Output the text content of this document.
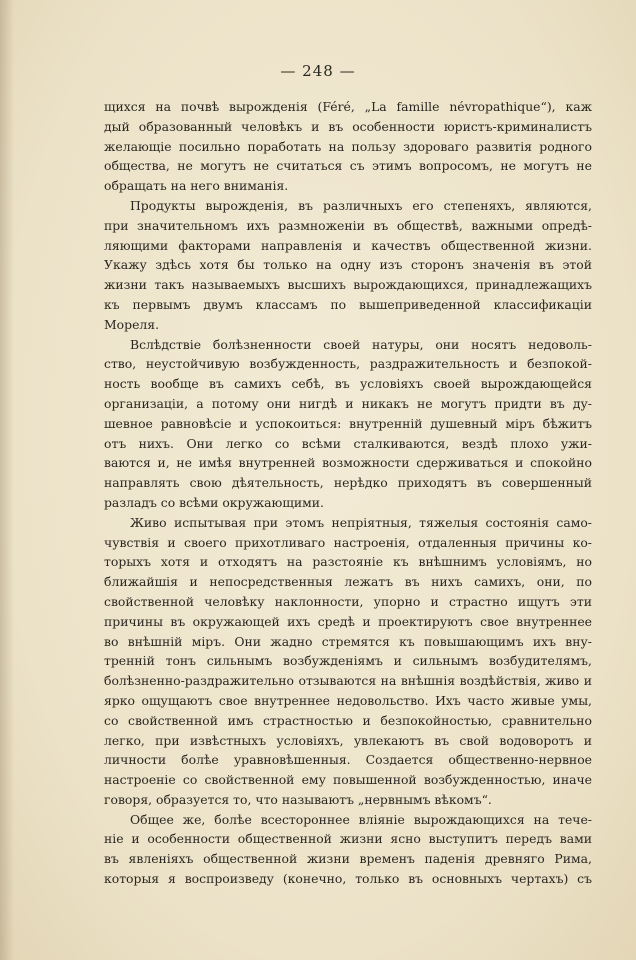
— 248 —
щихся на почвѣ вырожденія (Féré, „La famille névropathique“), каж
дый образованный человѣкъ и въ особенности юристъ-криминалистъ
желающіе посильно поработать на пользу здороваго развитія родного
общества, не могутъ не считаться съ этимъ вопросомъ, не могутъ не
обращать на него вниманія.
Продукты вырожденія, въ различныхъ его степеняхъ, являются,
при значительномъ ихъ размноженіи въ обществѣ, важными опредѣ-
ляющими факторами направленія и качествъ общественной жизни.
Укажу здѣсь хотя бы только на одну изъ сторонъ значенія въ этой
жизни такъ называемыхъ высшихъ вырождающихся, принадлежащихъ
къ первымъ двумъ классамъ по вышеприведенной классификаціи
Мореля.
Вслѣдствіе болѣзненности своей натуры, они носятъ недоволь-
ство, неустойчивую возбужденность, раздражительность и безпокой-
ность вообще въ самихъ себѣ, въ условіяхъ своей вырождающейся
организаціи, а потому они нигдѣ и никакъ не могутъ придти въ ду-
шевное равновѣсіе и успокоиться: внутренній душевный міръ бѣжитъ
отъ нихъ. Они легко со всѣми сталкиваются, вездѣ плохо ужи-
ваются и, не имѣя внутренней возможности сдерживаться и спокойно
направлять свою дѣятельность, нерѣдко приходятъ въ совершенный
разладъ со всѣми окружающими.
Живо испытывая при этомъ непріятныя, тяжелыя состоянія само-
чувствія и своего прихотливаго настроенія, отдаленныя причины ко-
торыхъ хотя и отходятъ на разстояніе къ внѣшнимъ условіямъ, но
ближайшія и непосредственныя лежатъ въ нихъ самихъ, они, по
свойственной человѣку наклонности, упорно и страстно ищутъ эти
причины въ окружающей ихъ средѣ и проектируютъ свое внутреннее
во внѣшній міръ. Они жадно стремятся къ повышающимъ ихъ вну-
тренній тонъ сильнымъ возбужденіямъ и сильнымъ возбудителямъ,
болѣзненно-раздражительно отзываются на внѣшнія воздѣйствія, живо и
ярко ощущаютъ свое внутреннее недовольство. Ихъ часто живые умы,
со свойственной имъ страстностью и безпокойностью, сравнительно
легко, при извѣстныхъ условіяхъ, увлекаютъ въ свой водоворотъ и
личности болѣе уравновѣшенныя. Создается общественно-нервное
настроеніе со свойственной ему повышенной возбужденностью, иначе
говоря, образуется то, что называютъ „нервнымъ вѣкомъ“.
Общее же, болѣе всестороннее вліяніе вырождающихся на тече-
ніе и особенности общественной жизни ясно выступитъ передъ вами
въ явленіяхъ общественной жизни временъ паденія древняго Рима,
которыя я воспроизведу (конечно, только въ основныхъ чертахъ) съ
